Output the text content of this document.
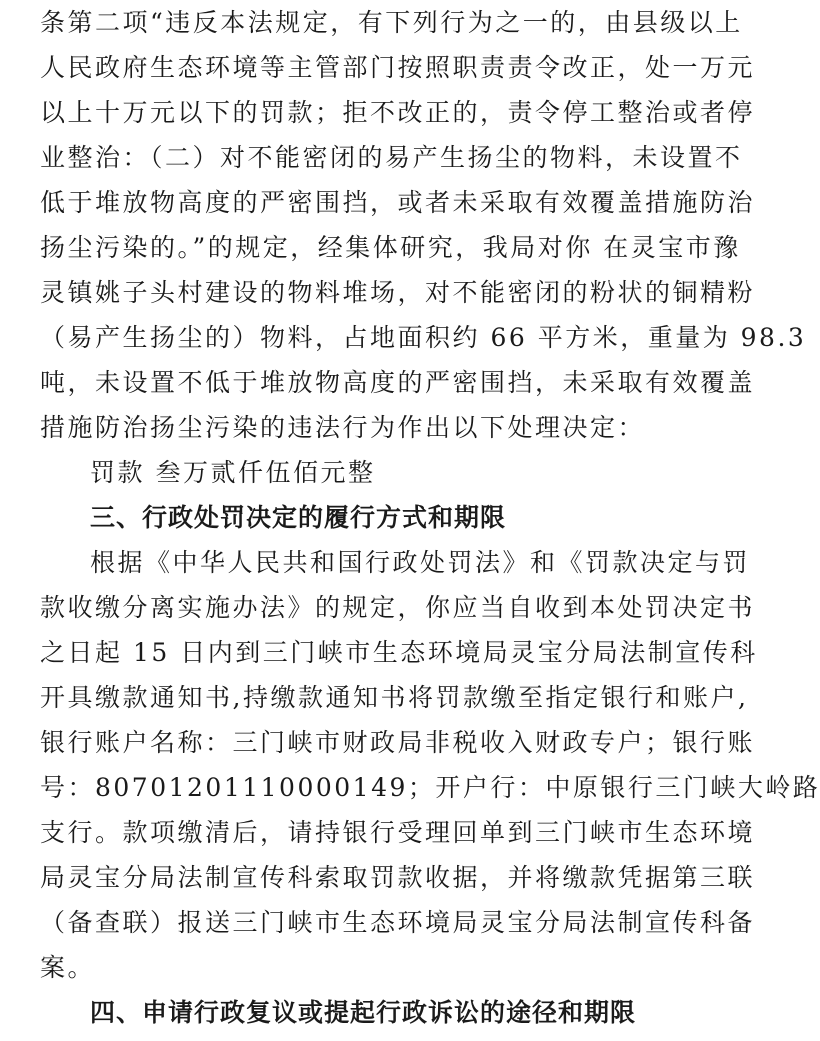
条第二项“违反本法规定，有下列行为之一的，由县级以上

人民政府生态环境等主管部门按照职责责令改正，处一万元

以上十万元以下的罚款；拒不改正的，责令停工整治或者停

业整治：（二）对不能密闭的易产生扬尘的物料，未设置不

低于堆放物高度的严密围挡，或者未采取有效覆盖措施防治

扬尘污染的。”的规定，经集体研究，我局对你 在灵宝市豫

灵镇姚子头村建设的物料堆场，对不能密闭的粉状的铜精粉

（易产生扬尘的）物料，占地面积约 66 平方米，重量为 98.3

吨，未设置不低于堆放物高度的严密围挡，未采取有效覆盖

措施防治扬尘污染的违法行为作出以下处理决定：

罚款 叁万贰仟伍佰元整

三、行政处罚决定的履行方式和期限

根据《中华人民共和国行政处罚法》和《罚款决定与罚

款收缴分离实施办法》的规定，你应当自收到本处罚决定书

之日起 15 日内到三门峡市生态环境局灵宝分局法制宣传科

开具缴款通知书,持缴款通知书将罚款缴至指定银行和账户,

银行账户名称：三门峡市财政局非税收入财政专户；银行账

号：80701201110000149；开户行：中原银行三门峡大岭路

支行。款项缴清后，请持银行受理回单到三门峡市生态环境

局灵宝分局法制宣传科索取罚款收据，并将缴款凭据第三联

（备查联）报送三门峡市生态环境局灵宝分局法制宣传科备

案。

四、申请行政复议或提起行政诉讼的途径和期限
